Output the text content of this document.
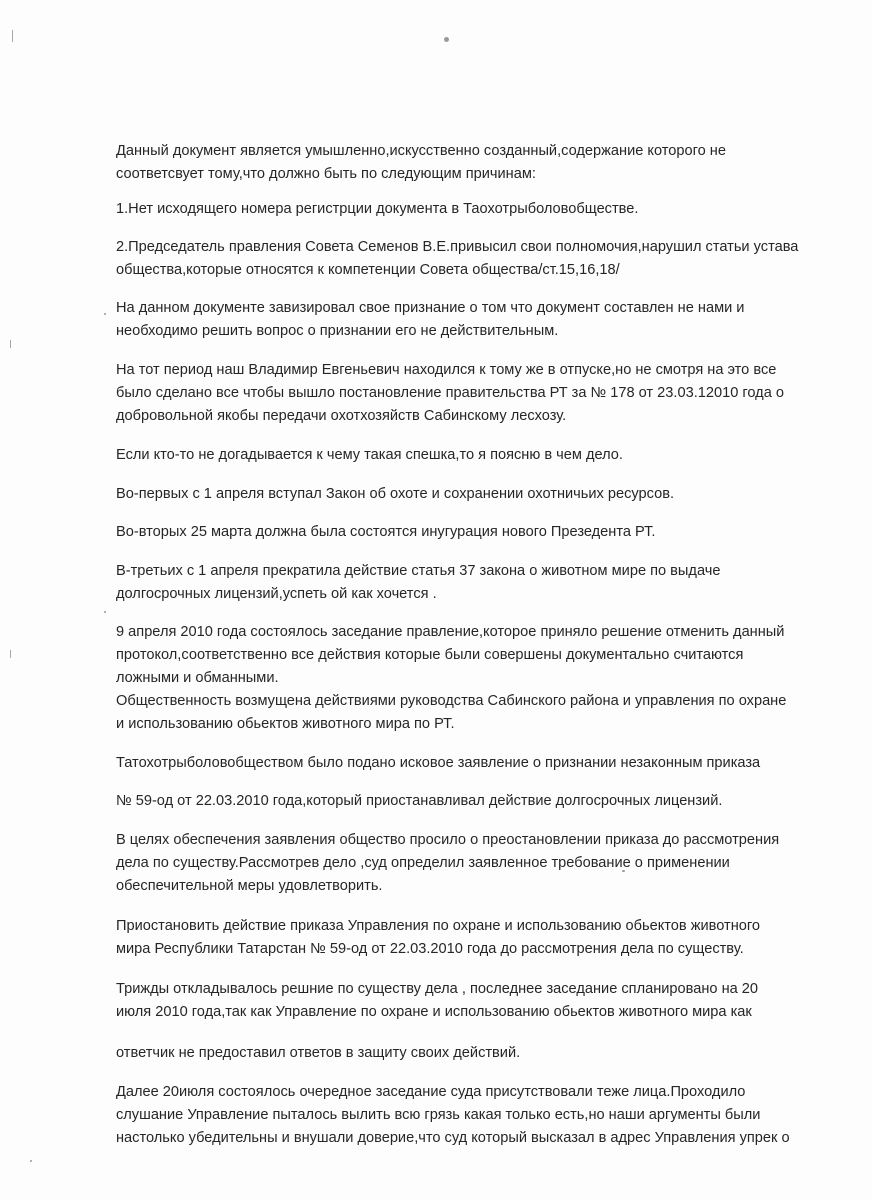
Данный документ является умышленно,искусственно созданный,содержание которого не
соответсвует тому,что должно быть по следующим причинам:
1.Нет исходящего номера регистрции документа в Таохотрыболовобществе.
2.Председатель правления Совета Семенов В.Е.привысил свои полномочия,нарушил статьи устава
общества,которые относятся к компетенции Совета общества/ст.15,16,18/
На данном документе завизировал свое признание о том что документ составлен не нами и
необходимо решить вопрос о признании его не действительным.
На тот период наш Владимир Евгеньевич находился к тому же в отпуске,но не смотря на это все
было сделано все чтобы вышло постановление правительства РТ за № 178 от 23.03.12010 года о
добровольной якобы передачи охотхозяйств Сабинскому лесхозу.
Если кто-то не догадывается к чему такая спешка,то я поясню в чем дело.
Во-первых с 1 апреля вступал Закон об охоте и сохранении охотничьих ресурсов.
Во-вторых 25 марта должна была состоятся инугурация нового Презедента РТ.
В-третьих с 1 апреля прекратила действие статья 37 закона о животном мире по выдаче
долгосрочных лицензий,успеть ой как хочется .
9 апреля 2010 года состоялось заседание правление,которое приняло решение отменить данный
протокол,соответственно все действия которые были совершены документально считаются
ложными и обманными.
Общественность возмущена действиями руководства Сабинского района и управления по охране
и использованию обьектов животного мира по РТ.
Татохотрыболовобществом было подано исковое заявление о признании незаконным приказа
№ 59-од от 22.03.2010 года,который приостанавливал действие долгосрочных лицензий.
В целях обеспечения заявления общество просило о преостановлении приказа до рассмотрения
дела по существу.Рассмотрев дело ,суд определил заявленное требование о применении
обеспечительной меры удовлетворить.
Приостановить действие приказа Управления по охране и использованию обьектов животного
мира Республики Татарстан № 59-од от 22.03.2010 года до рассмотрения дела по существу.
Трижды откладывалось решние по существу дела , последнее заседание спланировано на 20
июля 2010 года,так как Управление по охране и использованию обьектов животного мира как
ответчик не предоставил ответов в защиту своих действий.
Далее 20июля состоялось очередное заседание суда присутствовали теже лица.Проходило
слушание Управление пыталось вылить всю грязь какая только есть,но наши аргументы были
настолько убедительны и внушали доверие,что суд который высказал в адрес Управления упрек о
